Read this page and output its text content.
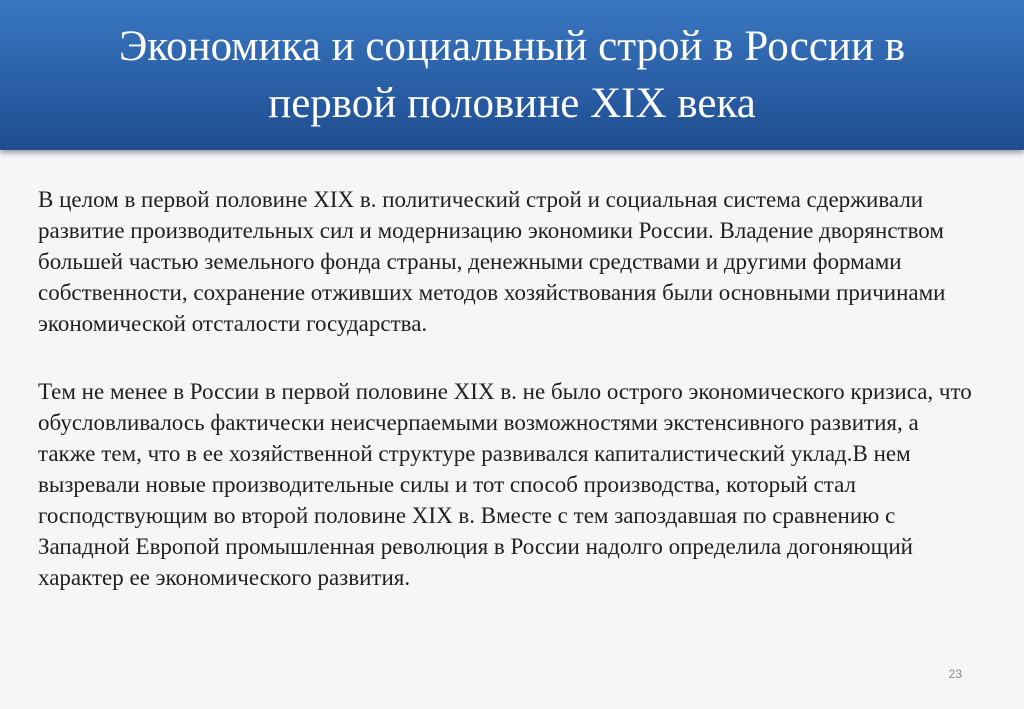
Экономика и социальный строй в России в первой половине XIX века

В целом в первой половине XIX в. политический строй и социальная система сдерживали развитие производительных сил и модернизацию экономики России. Владение дворянством большей частью земельного фонда страны, денежными средствами и другими формами собственности, сохранение отживших методов хозяйствования были основными причинами экономической отсталости государства.

Тем не менее в России в первой половине XIX в. не было острого экономического кризиса, что обусловливалось фактически неисчерпаемыми возможностями экстенсивного развития, а также тем, что в ее хозяйственной структуре развивался капиталистический уклад.В нем вызревали новые производительные силы и тот способ производства, который стал господствующим во второй половине XIX в. Вместе с тем запоздавшая по сравнению с Западной Европой промышленная революция в России надолго определила догоняющий характер ее экономического развития.

23
